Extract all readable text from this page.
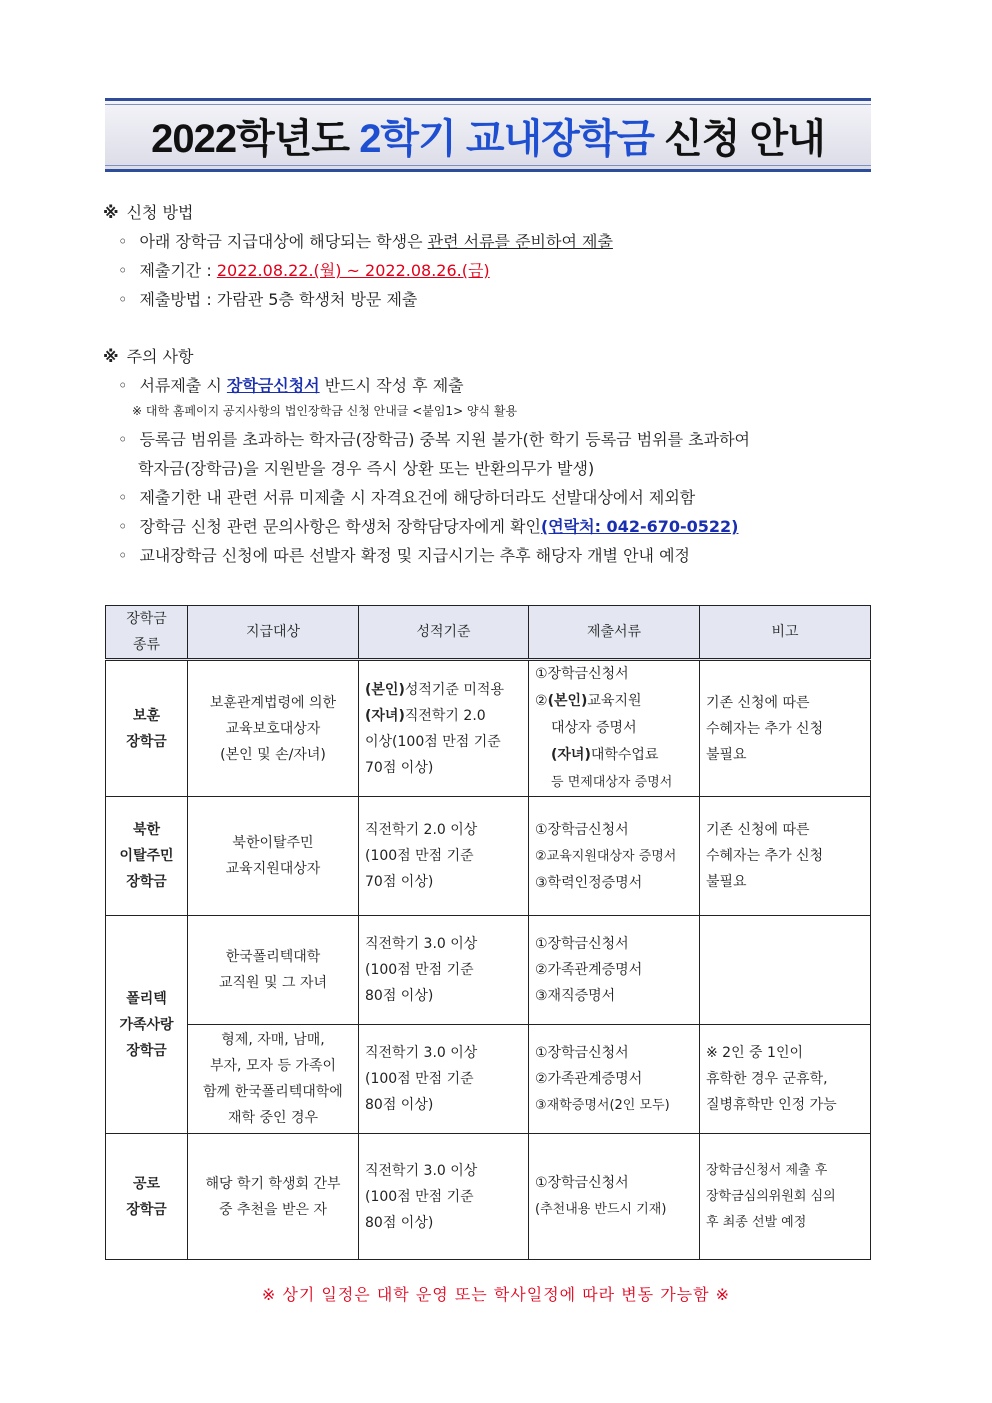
2022학년도 2학기 교내장학금 신청 안내
※ 신청 방법
◦ 아래 장학금 지급대상에 해당되는 학생은 관련 서류를 준비하여 제출
◦ 제출기간 : 2022.08.22.(월) ~ 2022.08.26.(금)
◦ 제출방법 : 가람관 5층 학생처 방문 제출
※ 주의 사항
◦ 서류제출 시 장학금신청서 반드시 작성 후 제출
※ 대학 홈페이지 공지사항의 법인장학금 신청 안내글 <붙임1> 양식 활용
◦ 등록금 범위를 초과하는 학자금(장학금) 중복 지원 불가(한 학기 등록금 범위를 초과하여
학자금(장학금)을 지원받을 경우 즉시 상환 또는 반환의무가 발생)
◦ 제출기한 내 관련 서류 미제출 시 자격요건에 해당하더라도 선발대상에서 제외함
◦ 장학금 신청 관련 문의사항은 학생처 장학담당자에게 확인(연락처: 042-670-0522)
◦ 교내장학금 신청에 따른 선발자 확정 및 지급시기는 추후 해당자 개별 안내 예정
장학금
종류	지급대상	성적기준	제출서류	비고
보훈
장학금	보훈관계법령에 의한
교육보호대상자
(본인 및 손/자녀)	(본인)성적기준 미적용
(자녀)직전학기 2.0
이상(100점 만점 기준
70점 이상)	①장학금신청서
②(본인)교육지원
대상자 증명서
(자녀)대학수업료
등 면제대상자 증명서	기존 신청에 따른
수혜자는 추가 신청
불필요
북한
이탈주민
장학금	북한이탈주민
교육지원대상자	직전학기 2.0 이상
(100점 만점 기준
70점 이상)	①장학금신청서
②교육지원대상자 증명서
③학력인정증명서	기존 신청에 따른
수혜자는 추가 신청
불필요
폴리텍
가족사랑
장학금	한국폴리텍대학
교직원 및 그 자녀	직전학기 3.0 이상
(100점 만점 기준
80점 이상)	①장학금신청서
②가족관계증명서
③재직증명서	
	형제, 자매, 남매,
부자, 모자 등 가족이
함께 한국폴리텍대학에
재학 중인 경우	직전학기 3.0 이상
(100점 만점 기준
80점 이상)	①장학금신청서
②가족관계증명서
③재학증명서(2인 모두)	※ 2인 중 1인이
휴학한 경우 군휴학,
질병휴학만 인정 가능
공로
장학금	해당 학기 학생회 간부
중 추천을 받은 자	직전학기 3.0 이상
(100점 만점 기준
80점 이상)	①장학금신청서
(추천내용 반드시 기재)	장학금신청서 제출 후
장학금심의위원회 심의
후 최종 선발 예정
※ 상기 일정은 대학 운영 또는 학사일정에 따라 변동 가능함 ※
